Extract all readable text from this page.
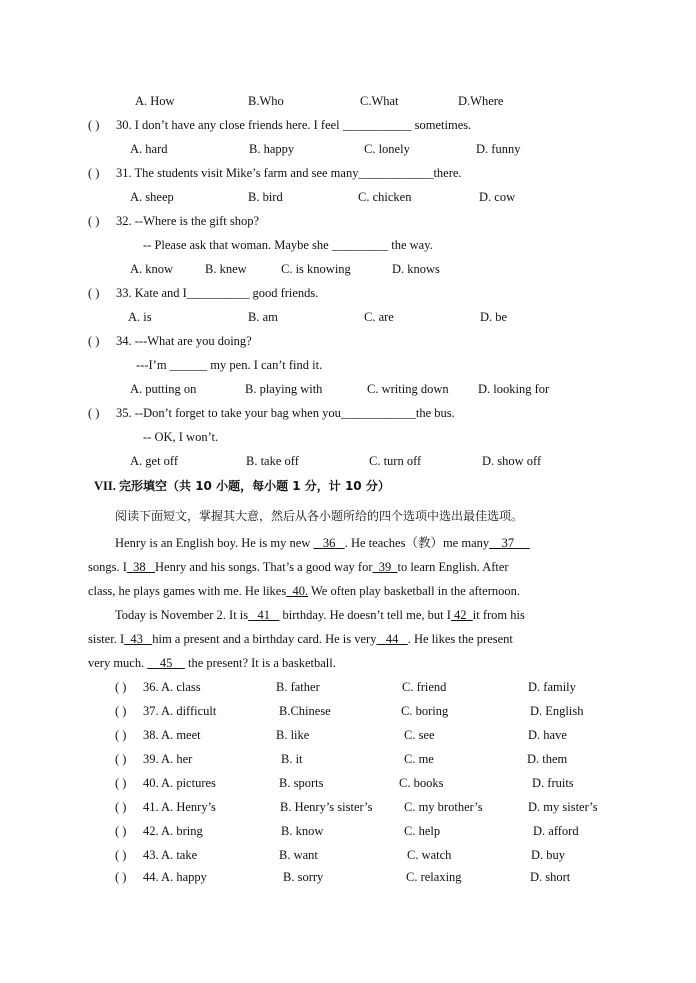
A. How	B.Who	C.What	D.Where
( ) 30. I don’t have any close friends here. I feel ___________ sometimes.
A. hard	B. happy	C. lonely	D. funny
( ) 31. The students visit Mike’s farm and see many____________there.
A. sheep	B. bird	C. chicken	D. cow
( ) 32. --Where is the gift shop?
-- Please ask that woman. Maybe she _________ the way.
A. know	B. knew	C. is knowing	D. knows
( ) 33. Kate and I__________ good friends.
A. is	B. am	C. are	D. be
( ) 34. ---What are you doing?
---I’m ______ my pen. I can’t find it.
A. putting on	B. playing with	C. writing down D. looking for
( ) 35. --Don’t forget to take your bag when you____________the bus.
-- OK, I won’t.
A. get off	B. take off	C. turn off	D. show off
VII. 完形填空（共 10 小题，每小题 1 分，计 10 分）
阅读下面短文，掌握其大意，然后从各小题所给的四个选项中选出最佳选项。
Henry is an English boy. He is my new 36 . He teaches（教）me many 37
songs. I 38 Henry and his songs. That’s a good way for 39 to learn English. After
class, he plays games with me. He likes 40. We often play basketball in the afternoon.
Today is November 2. It is 41 birthday. He doesn’t tell me, but I 42 it from his
sister. I 43 him a present and a birthday card. He is very 44 . He likes the present
very much. 45 the present? It is a basketball.
( ) 36. A. class	B. father	C. friend	D. family
( ) 37. A. difficult	B.Chinese	C. boring	D. English
( ) 38. A. meet	B. like	C. see	D. have
( ) 39. A. her	B. it	C. me	D. them
( ) 40. A. pictures	B. sports	C. books	D. fruits
( ) 41. A. Henry’s	B. Henry’s sister’s	C. my brother’s	D. my sister’s
( ) 42. A. bring	B. know	C. help	D. afford
( ) 43. A. take	B. want	C. watch	D. buy
( ) 44. A. happy	B. sorry	C. relaxing	D. short
